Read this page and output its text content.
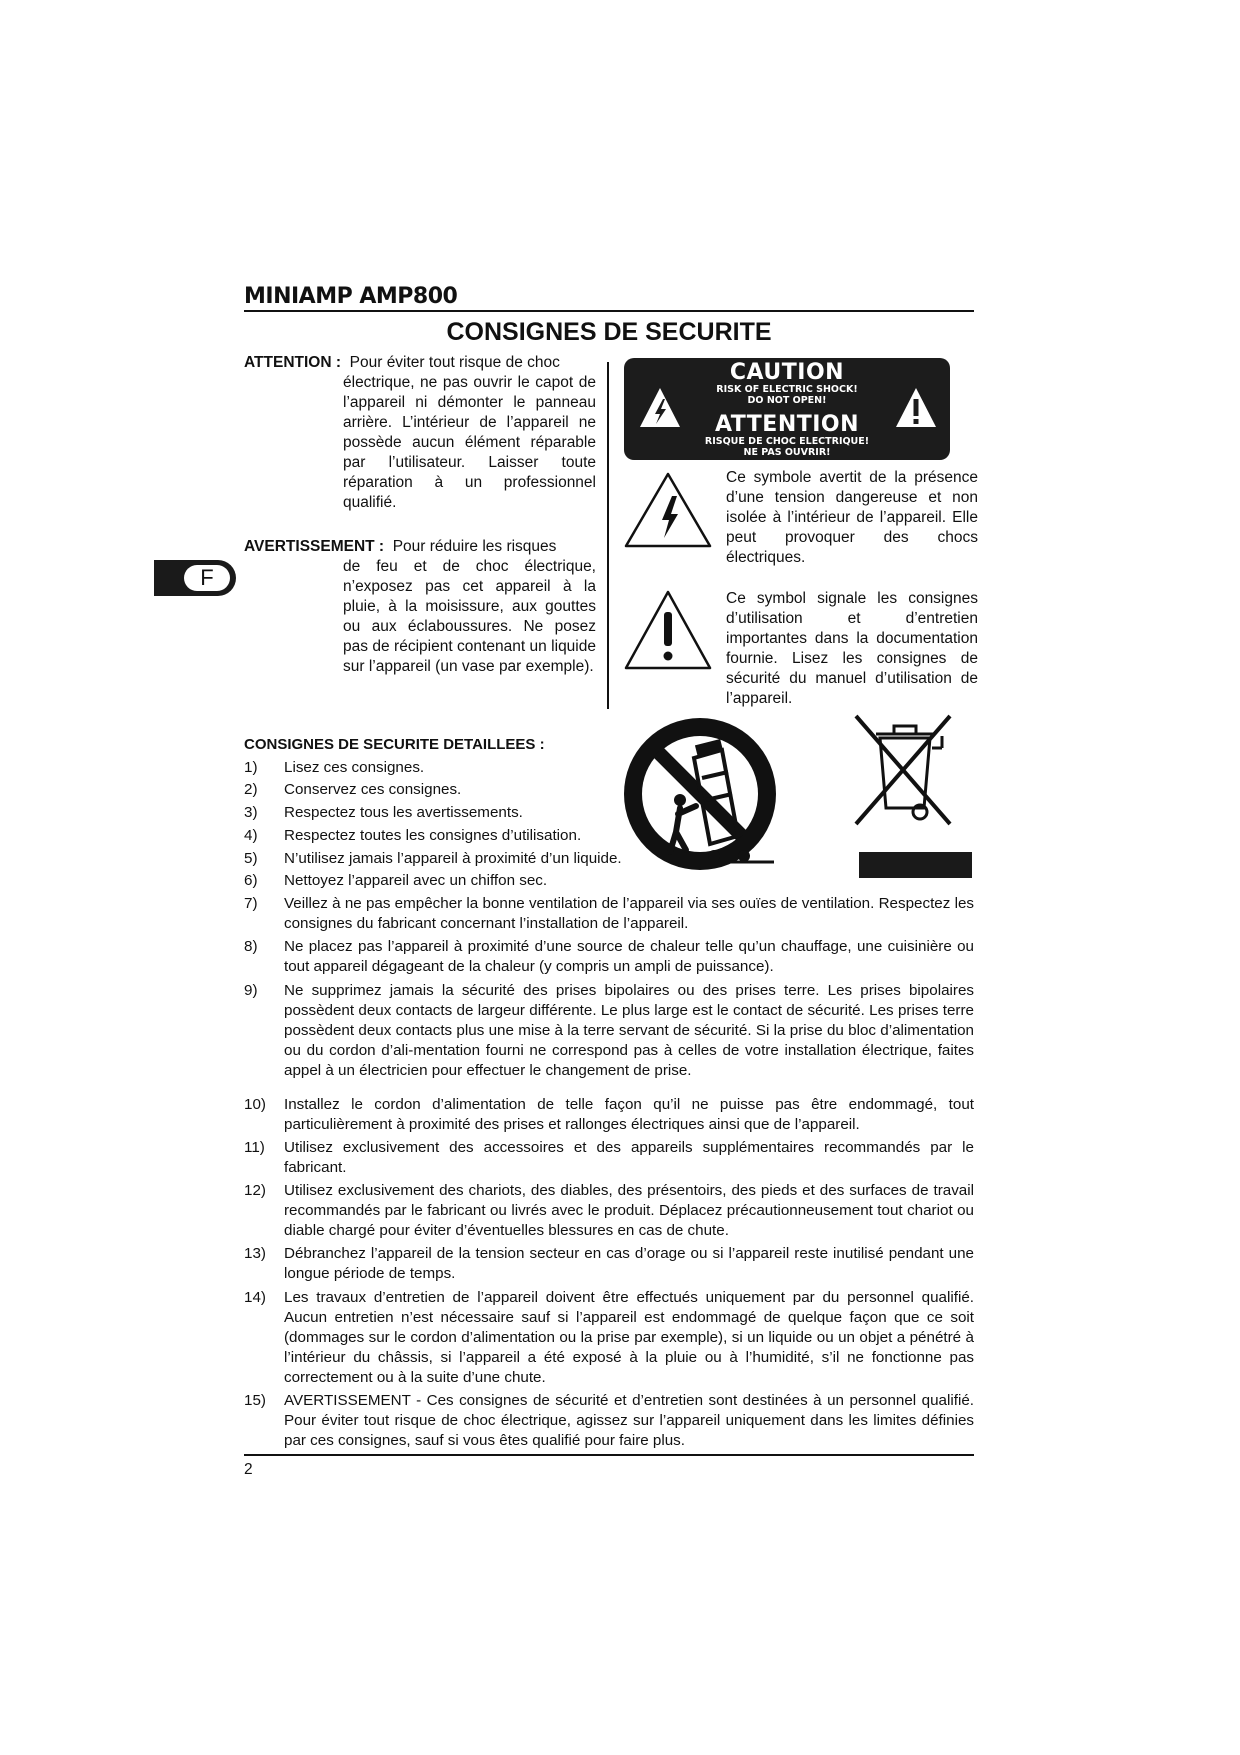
MINIAMP AMP800
CONSIGNES DE SECURITE
F
ATTENTION : Pour éviter tout risque de choc
électrique, ne pas ouvrir le capot de l’appareil ni démonter le panneau arrière. L’intérieur de l’appareil ne possède aucun élément réparable par l’utilisateur. Laisser toute réparation à un professionnel qualifié.
AVERTISSEMENT : Pour réduire les risques
de feu et de choc électrique, n’exposez pas cet appareil à la pluie, à la moisissure, aux gouttes ou aux éclaboussures. Ne posez pas de récipient contenant un liquide sur l’appareil (un vase par exemple).
CAUTION
RISK OF ELECTRIC SHOCK!
DO NOT OPEN!
ATTENTION
RISQUE DE CHOC ELECTRIQUE!
NE PAS OUVRIR!
Ce symbole avertit de la présence d’une tension dangereuse et non isolée à l’intérieur de l’appareil. Elle peut provoquer des chocs électriques.
Ce symbol signale les consignes d’utilisation et d’entretien importantes dans la documentation fournie. Lisez les consignes de sécurité du manuel d’utilisation de l’appareil.
CONSIGNES DE SECURITE DETAILLEES :
1) Lisez ces consignes.
2) Conservez ces consignes.
3) Respectez tous les avertissements.
4) Respectez toutes les consignes d’utilisation.
5) N’utilisez jamais l’appareil à proximité d’un liquide.
6) Nettoyez l’appareil avec un chiffon sec.
7) Veillez à ne pas empêcher la bonne ventilation de l’appareil via ses ouïes de ventilation. Respectez les consignes du fabricant concernant l’installation de l’appareil.
8) Ne placez pas l’appareil à proximité d’une source de chaleur telle qu’un chauffage, une cuisinière ou tout appareil dégageant de la chaleur (y compris un ampli de puissance).
9) Ne supprimez jamais la sécurité des prises bipolaires ou des prises terre. Les prises bipolaires possèdent deux contacts de largeur différente. Le plus large est le contact de sécurité. Les prises terre possèdent deux contacts plus une mise à la terre servant de sécurité. Si la prise du bloc d’alimentation ou du cordon d’ali-mentation fourni ne correspond pas à celles de votre installation électrique, faites appel à un électricien pour effectuer le changement de prise.
10) Installez le cordon d’alimentation de telle façon qu’il ne puisse pas être endommagé, tout particulièrement à proximité des prises et rallonges électriques ainsi que de l’appareil.
11) Utilisez exclusivement des accessoires et des appareils supplémentaires recommandés par le fabricant.
12) Utilisez exclusivement des chariots, des diables, des présentoirs, des pieds et des surfaces de travail recommandés par le fabricant ou livrés avec le produit. Déplacez précautionneusement tout chariot ou diable chargé pour éviter d’éventuelles blessures en cas de chute.
13) Débranchez l’appareil de la tension secteur en cas d’orage ou si l’appareil reste inutilisé pendant une longue période de temps.
14) Les travaux d’entretien de l’appareil doivent être effectués uniquement par du personnel qualifié. Aucun entretien n’est nécessaire sauf si l’appareil est endommagé de quelque façon que ce soit (dommages sur le cordon d’alimentation ou la prise par exemple), si un liquide ou un objet a pénétré à l’intérieur du châssis, si l’appareil a été exposé à la pluie ou à l’humidité, s’il ne fonctionne pas correctement ou à la suite d’une chute.
15) AVERTISSEMENT - Ces consignes de sécurité et d’entretien sont destinées à un personnel qualifié. Pour éviter tout risque de choc électrique, agissez sur l’appareil uniquement dans les limites définies par ces consignes, sauf si vous êtes qualifié pour faire plus.
2
